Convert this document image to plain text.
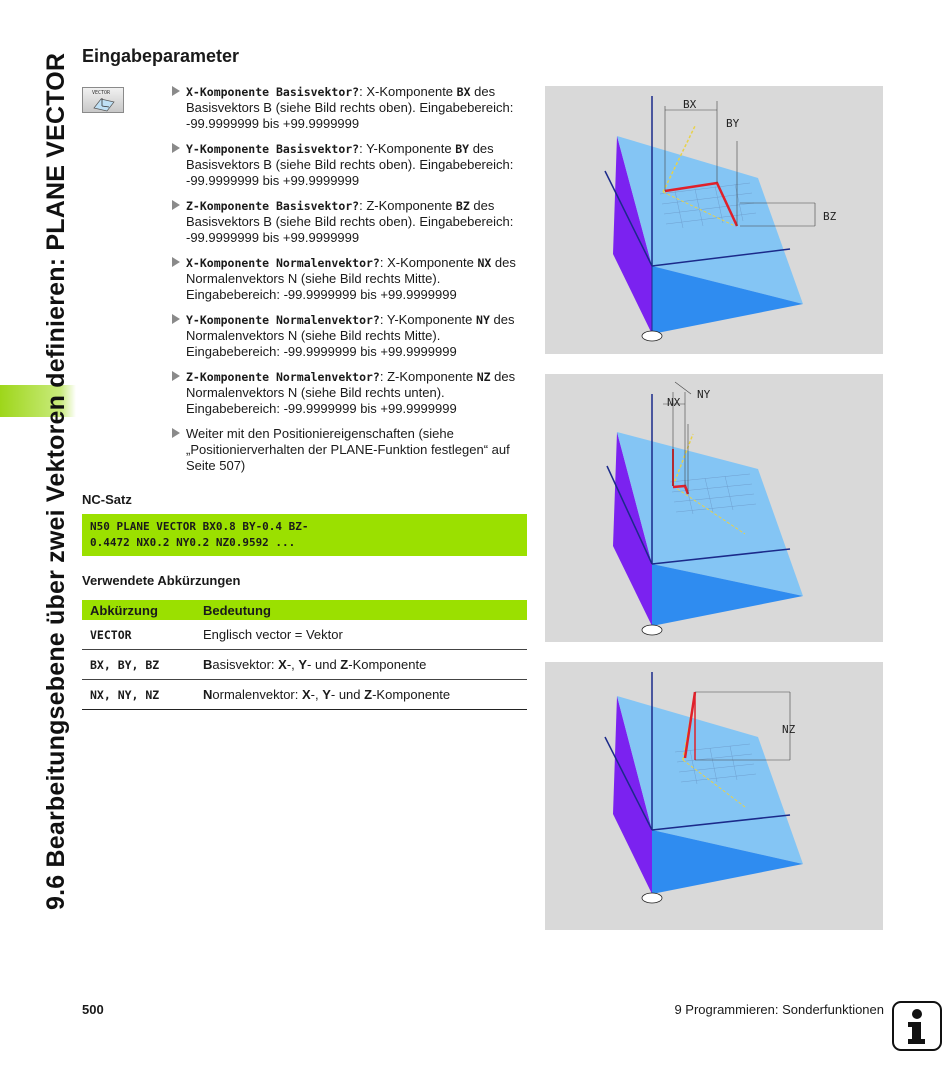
9.6 Bearbeitungsebene über zwei Vektoren definieren: PLANE VECTOR Eingabeparameter
VECTOR	X-Komponente Basisvektor?: X-Komponente BX des Basisvektors B (siehe Bild rechts oben). Eingabebereich: -99.9999999 bis +99.9999999
Y-Komponente Basisvektor?: Y-Komponente BY des Basisvektors B (siehe Bild rechts oben). Eingabebereich: -99.9999999 bis +99.9999999
Z-Komponente Basisvektor?: Z-Komponente BZ des Basisvektors B (siehe Bild rechts oben). Eingabebereich: -99.9999999 bis +99.9999999
X-Komponente Normalenvektor?: X-Komponente NX des Normalenvektors N (siehe Bild rechts Mitte). Eingabebereich: -99.9999999 bis +99.9999999
Y-Komponente Normalenvektor?: Y-Komponente NY des Normalenvektors N (siehe Bild rechts Mitte). Eingabebereich: -99.9999999 bis +99.9999999
Z-Komponente Normalenvektor?: Z-Komponente NZ des Normalenvektors N (siehe Bild rechts unten). Eingabebereich: -99.9999999 bis +99.9999999
Weiter mit den Positioniereigenschaften (siehe „Positionierverhalten der PLANE-Funktion festlegen“ auf Seite 507)
NC-Satz
N50 PLANE VECTOR BX0.8 BY-0.4 BZ-
0.4472 NX0.2 NY0.2 NZ0.9592 ...
Verwendete Abkürzungen
Abkürzung	Bedeutung
VECTOR	Englisch vector = Vektor
BX, BY, BZ	Basisvektor: X-, Y- und Z-Komponente
NX, NY, NZ	Normalenvektor: X-, Y- und Z-Komponente
BX
BY
BZ
NX
NY
NZ
500	9 Programmieren: Sonderfunktionen
